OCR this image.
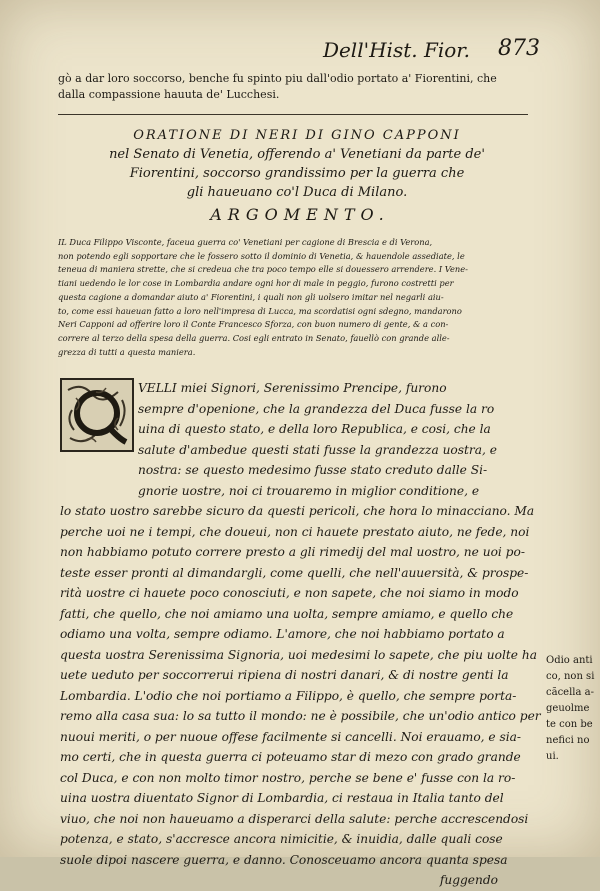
Dell'Hist. Fior. 873
gò a dar loro soccorso, benche fu spinto piu dall'odio portato a' Fiorentini, che
dalla compassione hauuta de' Lucchesi.
ORATIONE DI NERI DI GINO CAPPONI
nel Senato di Venetia, offerendo a' Venetiani da parte de'
Fiorentini, soccorso grandissimo per la guerra che
gli haueuano co'l Duca di Milano.
ARGOMENTO.
IL Duca Filippo Visconte, faceua guerra co' Venetiani per cagione di Brescia e di Verona,
non potendo egli sopportare che le fossero sotto il dominio di Venetia, & hauendole assediate, le
teneua di maniera strette, che si credeua che tra poco tempo elle si douessero arrendere. I Vene-
tiani uedendo le lor cose in Lombardia andare ogni hor di male in peggio, furono costretti per
questa cagione a domandar aiuto a' Fiorentini, i quali non gli uolsero imitar nel negarli aiu-
to, come essi haueuan fatto a loro nell'impresa di Lucca, ma scordatisi ogni sdegno, mandarono
Neri Capponi ad offerire loro il Conte Francesco Sforza, con buon numero di gente, & a con-
correre al terzo della spesa della guerra. Cosi egli entrato in Senato, fauellò con grande alle-
grezza di tutti a questa maniera.
VELLI miei Signori, Serenissimo Prencipe, furono
sempre d'openione, che la grandezza del Duca fusse la ro
uina di questo stato, e della loro Republica, e cosi, che la
salute d'ambedue questi stati fusse la grandezza uostra, e
nostra: se questo medesimo fusse stato creduto dalle Si-
gnorie uostre, noi ci trouaremo in miglior conditione, e
lo stato uostro sarebbe sicuro da questi pericoli, che hora lo minacciano. Ma
perche uoi ne i tempi, che doueui, non ci hauete prestato aiuto, ne fede, noi
non habbiamo potuto correre presto a gli rimedij del mal uostro, ne uoi po-
teste esser pronti al dimandargli, come quelli, che nell'auuersità, & prospe-
rità uostre ci hauete poco conosciuti, e non sapete, che noi siamo in modo
fatti, che quello, che noi amiamo una uolta, sempre amiamo, e quello che
odiamo una volta, sempre odiamo. L'amore, che noi habbiamo portato a
questa uostra Serenissima Signoria, uoi medesimi lo sapete, che piu uolte ha
uete ueduto per soccorrerui ripiena di nostri danari, & di nostre genti la
Lombardia. L'odio che noi portiamo a Filippo, è quello, che sempre porta-
remo alla casa sua: lo sa tutto il mondo: ne è possibile, che un'odio antico per
nuoui meriti, o per nuoue offese facilmente si cancelli. Noi erauamo, e sia-
mo certi, che in questa guerra ci poteuamo star di mezo con grado grande
col Duca, e con non molto timor nostro, perche se bene e' fusse con la ro-
uina uostra diuentato Signor di Lombardia, ci restaua in Italia tanto del
viuo, che noi non haueuamo a disperarci della salute: perche accrescendosi
potenza, e stato, s'accresce ancora nimicitie, & inuidia, dalle quali cose
suole dipoi nascere guerra, e danno. Conosceuamo ancora quanta spesa
fuggendo
Odio anti
co, non si
cãcella a-
geuolme
te con be
nefici no
ui.
